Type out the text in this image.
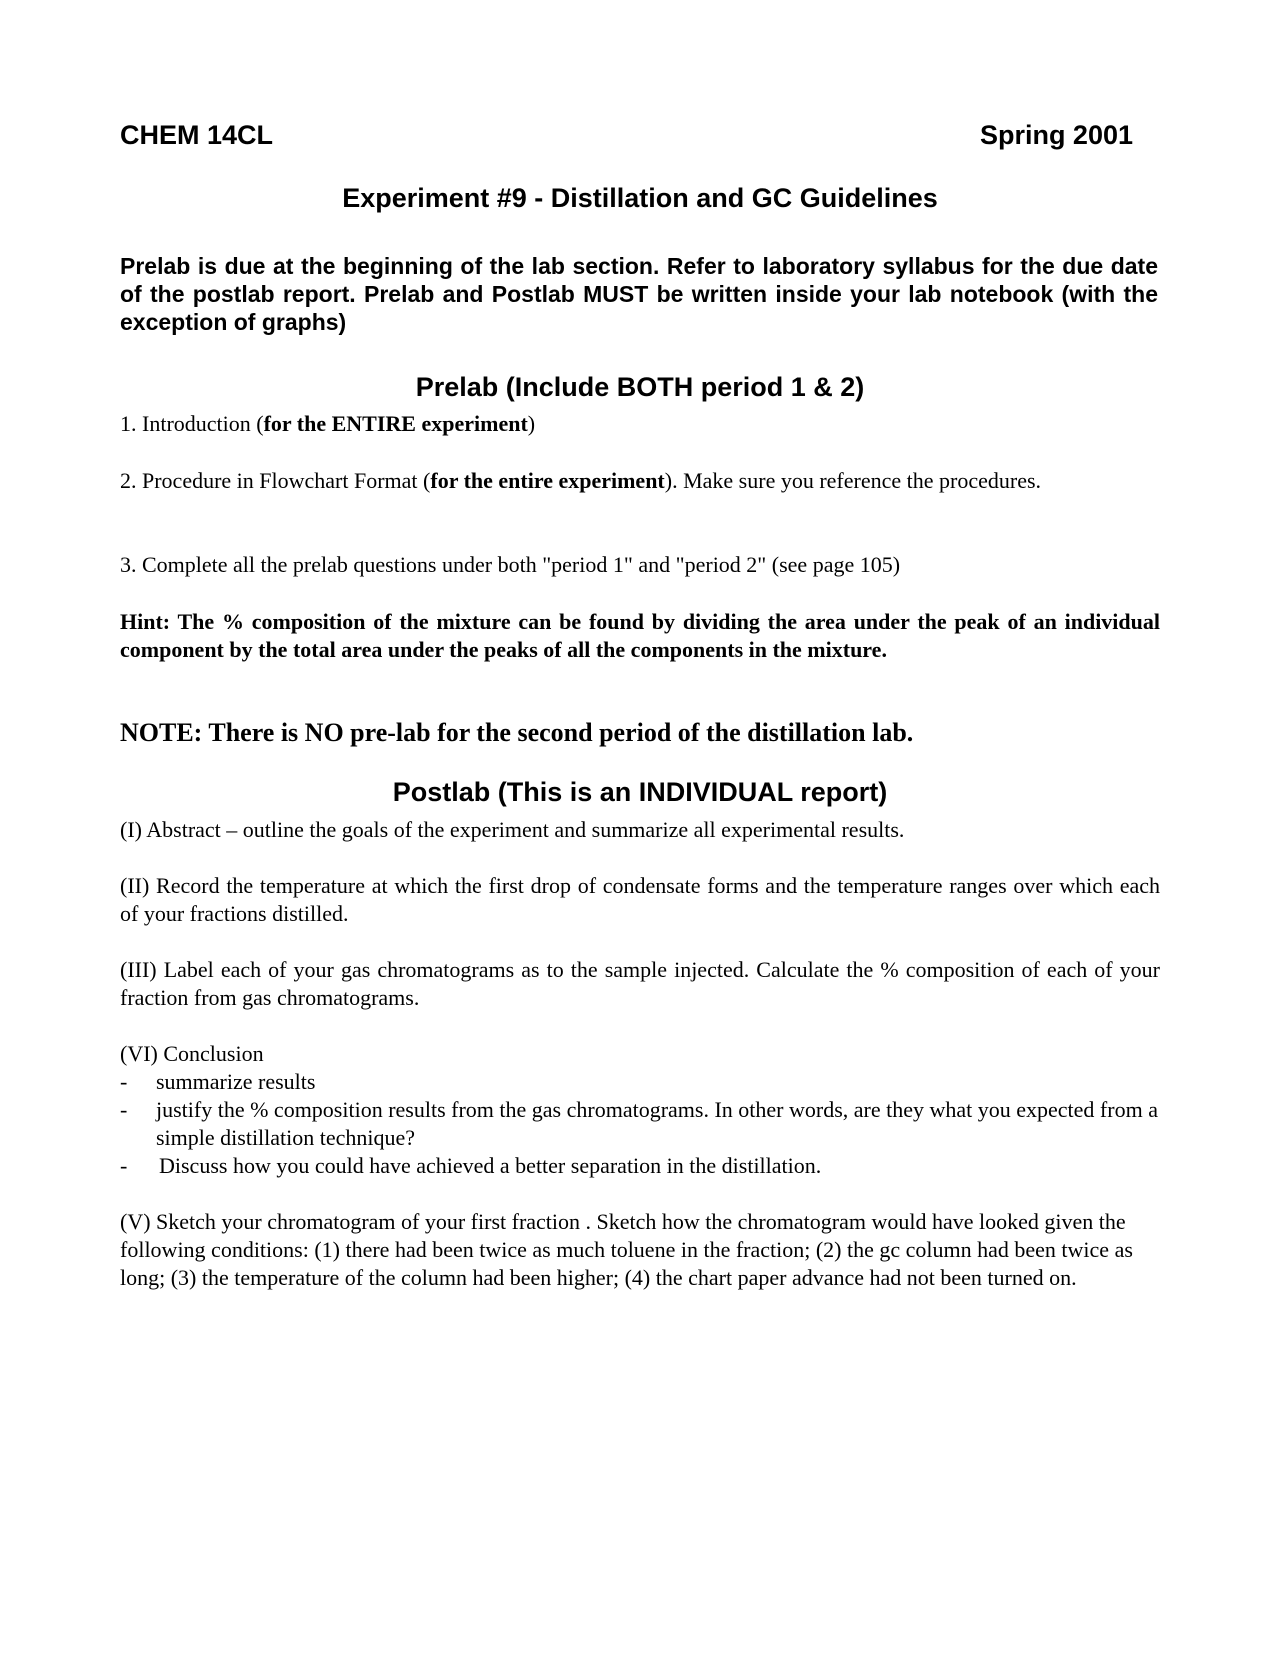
CHEM 14CL	Spring 2001
Experiment #9 - Distillation and GC Guidelines
Prelab is due at the beginning of the lab section. Refer to laboratory syllabus for the due date of the postlab report. Prelab and Postlab MUST be written inside your lab notebook (with the exception of graphs)
Prelab (Include BOTH period 1 & 2)
1. Introduction (for the ENTIRE experiment)
2. Procedure in Flowchart Format (for the entire experiment). Make sure you reference the procedures.
3. Complete all the prelab questions under both "period 1" and "period 2" (see page 105)
Hint: The % composition of the mixture can be found by dividing the area under the peak of an individual component by the total area under the peaks of all the components in the mixture.
NOTE: There is NO pre-lab for the second period of the distillation lab.
Postlab (This is an INDIVIDUAL report)
(I) Abstract – outline the goals of the experiment and summarize all experimental results.
(II) Record the temperature at which the first drop of condensate forms and the temperature ranges over which each of your fractions distilled.
(III) Label each of your gas chromatograms as to the sample injected. Calculate the % composition of each of your fraction from gas chromatograms.
(VI) Conclusion
- summarize results
- justify the % composition results from the gas chromatograms. In other words, are they what you expected from a simple distillation technique?
- Discuss how you could have achieved a better separation in the distillation.
(V) Sketch your chromatogram of your first fraction . Sketch how the chromatogram would have looked given the following conditions: (1) there had been twice as much toluene in the fraction; (2) the gc column had been twice as long; (3) the temperature of the column had been higher; (4) the chart paper advance had not been turned on.
